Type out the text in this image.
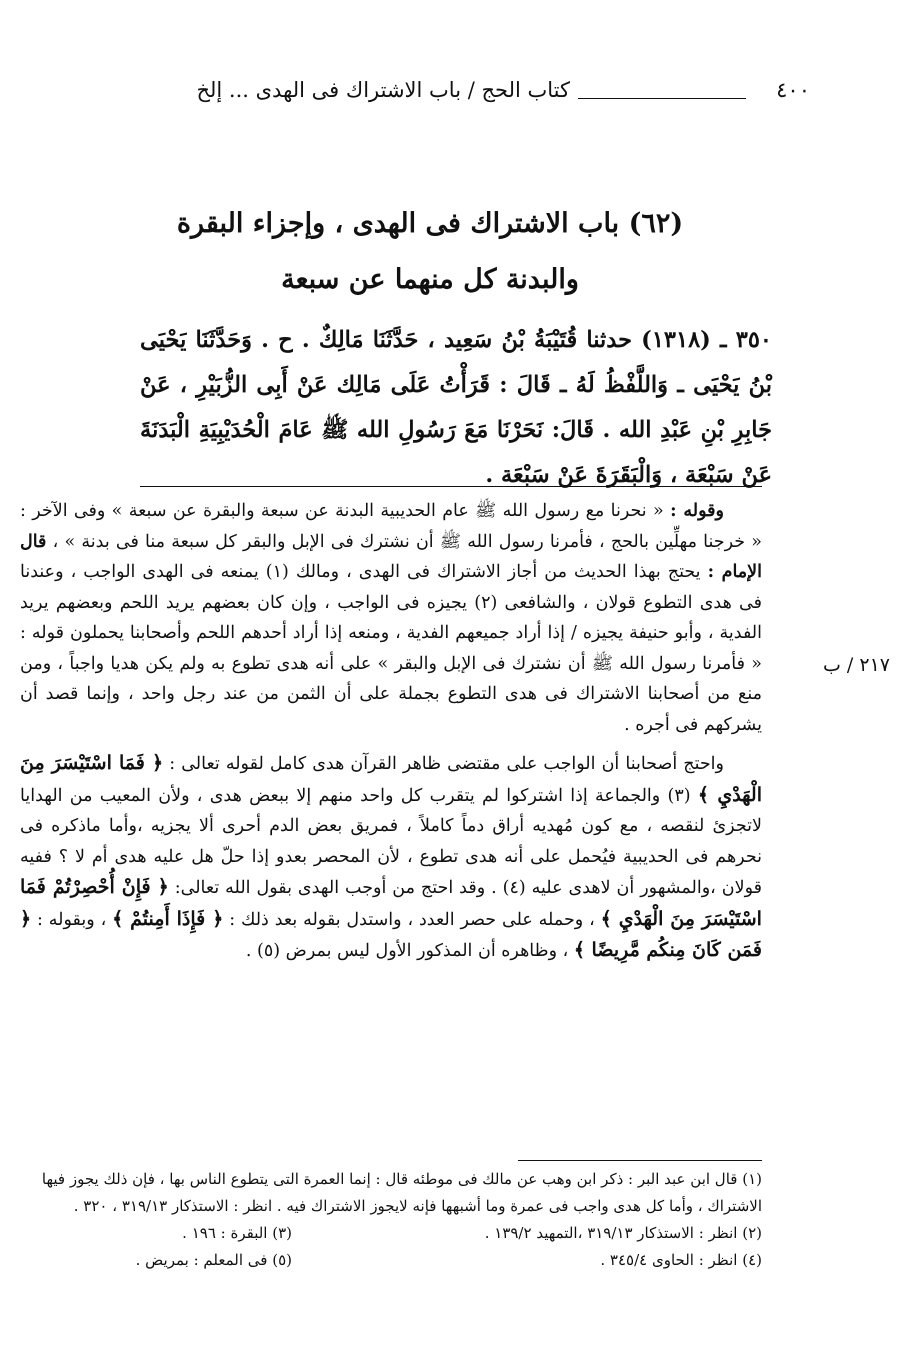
٤٠٠
كتاب الحج / باب الاشتراك فى الهدى ... إلخ
(٦٢) باب الاشتراك فى الهدى ، وإجزاء البقرة
والبدنة كل منهما عن سبعة
٣٥٠ ـ (١٣١٨) حدثنا قُتَيْبَةُ بْنُ سَعِيد ، حَدَّثَنَا مَالِكٌ . ح . وَحَدَّثَنَا يَحْيَى بْنُ يَحْيَى ـ وَاللَّفْظُ لَهُ ـ قَالَ : قَرَأْتُ عَلَى مَالِك عَنْ أَبِى الزُّبَيْرِ ، عَنْ جَابِرِ بْنِ عَبْدِ الله . قَالَ: نَحَرْنَا مَعَ رَسُولِ الله ﷺ عَامَ الْحُدَيْبِيَةِ الْبَدَنَةَ عَنْ سَبْعَة ، وَالْبَقَرَةَ عَنْ سَبْعَة .
٢١٧ / ب

وقوله : « نحرنا مع رسول الله ﷺ عام الحديبية البدنة عن سبعة والبقرة عن سبعة » وفى الآخر : « خرجنا مهلِّين بالحج ، فأمرنا رسول الله ﷺ أن نشترك فى الإبل والبقر كل سبعة منا فى بدنة » ، قال الإمام : يحتج بهذا الحديث من أجاز الاشتراك فى الهدى ، ومالك (١) يمنعه فى الهدى الواجب ، وعندنا فى هدى التطوع قولان ، والشافعى (٢) يجيزه فى الواجب ، وإن كان بعضهم يريد اللحم وبعضهم يريد الفدية ، وأبو حنيفة يجيزه / إذا أراد جميعهم الفدية ، ومنعه إذا أراد أحدهم اللحم وأصحابنا يحملون قوله : « فأمرنا رسول الله ﷺ أن نشترك فى الإبل والبقر » على أنه هدى تطوع به ولم يكن هديا واجباً ، ومن منع من أصحابنا الاشتراك فى هدى التطوع بجملة على أن الثمن من عند رجل واحد ، وإنما قصد أن يشركهم فى أجره .

واحتج أصحابنا أن الواجب على مقتضى ظاهر القرآن هدى كامل لقوله تعالى : ﴿ فَمَا اسْتَيْسَرَ مِنَ الْهَدْيِ ﴾ (٣) والجماعة إذا اشتركوا لم يتقرب كل واحد منهم إلا ببعض هدى ، ولأن المعيب من الهدايا لاتجزئ لنقصه ، مع كون مُهديه أراق دماً كاملاً ، فمريق بعض الدم أحرى ألا يجزيه ،وأما ماذكره فى نحرهم فى الحديبية فيُحمل على أنه هدى تطوع ، لأن المحصر بعدو إذا حلّ هل عليه هدى أم لا ؟ ففيه قولان ،والمشهور أن لاهدى عليه (٤) . وقد احتج من أوجب الهدى بقول الله تعالى: ﴿ فَإِنْ أُحْصِرْتُمْ فَمَا اسْتَيْسَرَ مِنَ الْهَدْيِ ﴾ ، وحمله على حصر العدد ، واستدل بقوله بعد ذلك : ﴿ فَإِذَا أَمِنتُمْ ﴾ ، وبقوله : ﴿ فَمَن كَانَ مِنكُم مَّرِيضًا ﴾ ، وظاهره أن المذكور الأول ليس بمرض (٥) .

(١) قال ابن عبد البر : ذكر ابن وهب عن مالك فى موطئه قال : إنما العمرة التى يتطوع الناس بها ، فإن ذلك يجوز فيها الاشتراك ، وأما كل هدى واجب فى عمرة وما أشبهها فإنه لايجوز الاشتراك فيه . انظر : الاستذكار ٣١٩/١٣ ، ٣٢٠ .
(٢) انظر : الاستذكار ٣١٩/١٣ ،التمهيد ١٣٩/٢ .
(٣) البقرة : ١٩٦ .
(٤) انظر : الحاوى ٣٤٥/٤ .
(٥) فى المعلم : بمريض .
